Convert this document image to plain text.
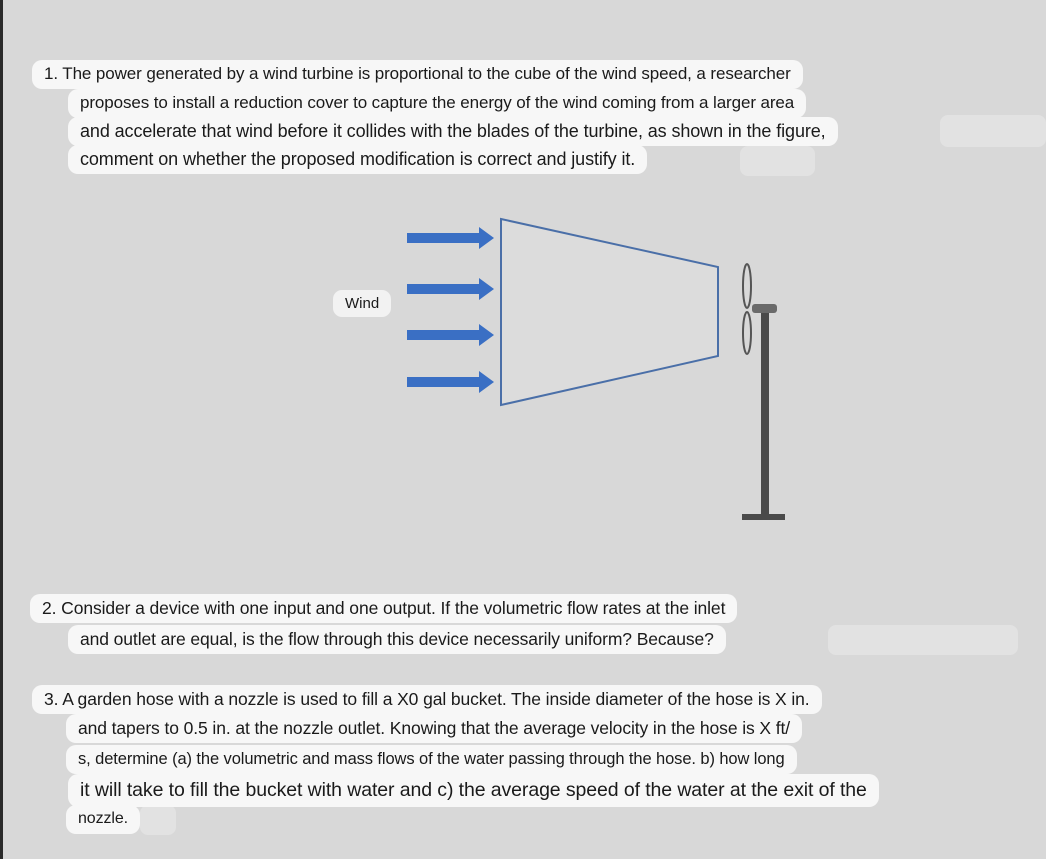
1. The power generated by a wind turbine is proportional to the cube of the wind speed, a researcher
proposes to install a reduction cover to capture the energy of the wind coming from a larger area
and accelerate that wind before it collides with the blades of the turbine, as shown in the figure,
comment on whether the proposed modification is correct and justify it.
Wind
2. Consider a device with one input and one output. If the volumetric flow rates at the inlet
and outlet are equal, is the flow through this device necessarily uniform? Because?
3. A garden hose with a nozzle is used to fill a X0 gal bucket. The inside diameter of the hose is X in.
and tapers to 0.5 in. at the nozzle outlet. Knowing that the average velocity in the hose is X ft/
s, determine (a) the volumetric and mass flows of the water passing through the hose. b) how long
it will take to fill the bucket with water and c) the average speed of the water at the exit of the
nozzle.
